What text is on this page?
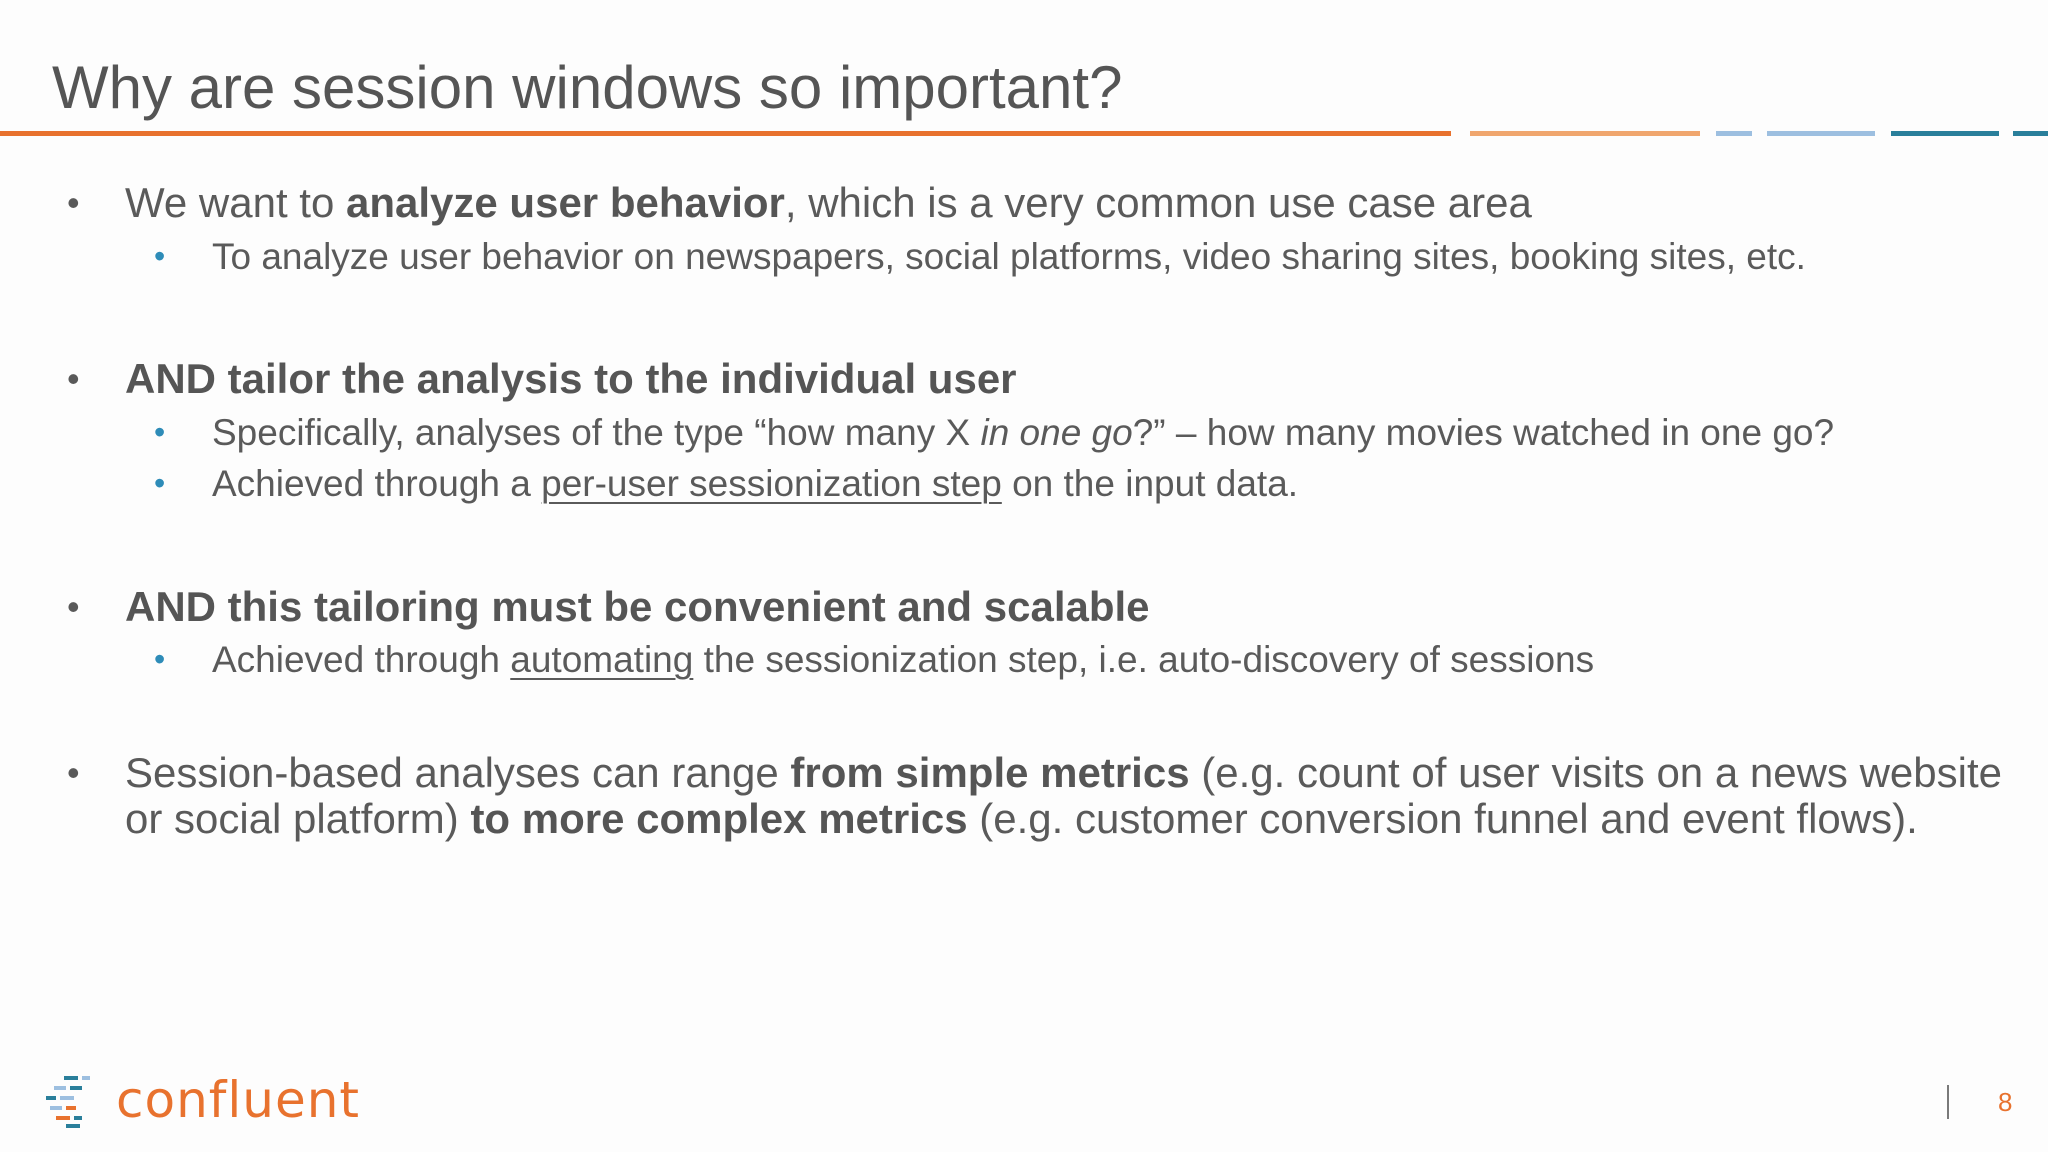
Why are session windows so important?
• We want to analyze user behavior, which is a very common use case area
• To analyze user behavior on newspapers, social platforms, video sharing sites, booking sites, etc.
• AND tailor the analysis to the individual user
• Specifically, analyses of the type “how many X in one go?” – how many movies watched in one go?
• Achieved through a per-user sessionization step on the input data.
• AND this tailoring must be convenient and scalable
• Achieved through automating the sessionization step, i.e. auto-discovery of sessions
• Session-based analyses can range from simple metrics (e.g. count of user visits on a news website or social platform) to more complex metrics (e.g. customer conversion funnel and event flows).
confluent	8
